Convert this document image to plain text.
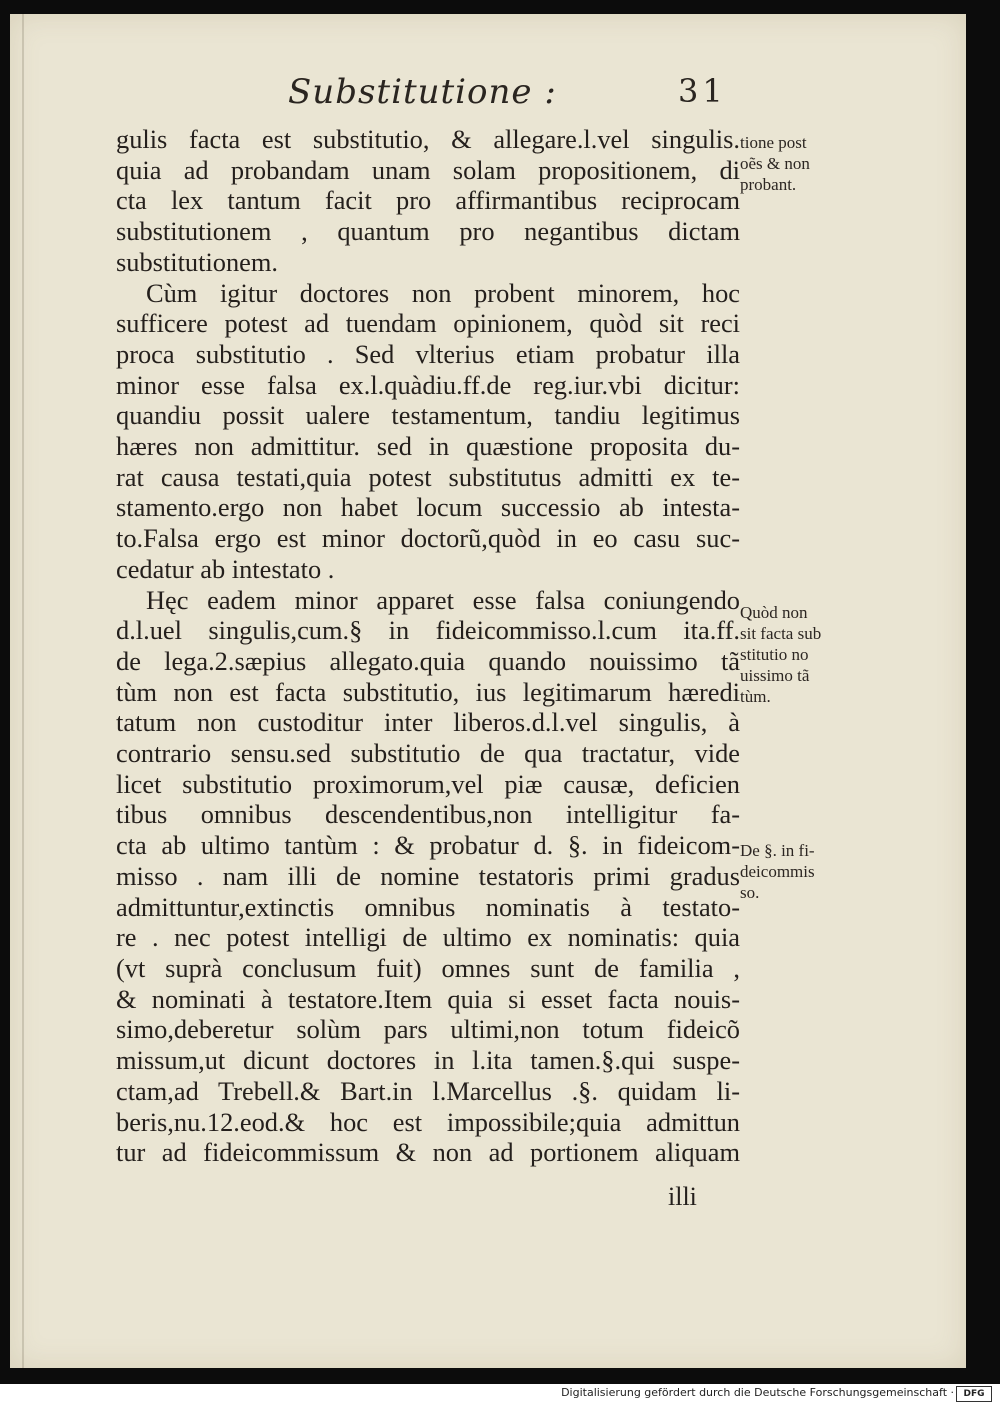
Substitutione :	31
gulis facta est substitutio, & allegare.l.vel singulis.
quia ad probandam unam solam propositionem, di
cta lex tantum facit pro affirmantibus reciprocam
substitutionem , quantum pro negantibus dictam
substitutionem.
Cùm igitur doctores non probent minorem, hoc
sufficere potest ad tuendam opinionem, quòd sit reci
proca substitutio . Sed vlterius etiam probatur illa
minor esse falsa ex.l.quàdiu.ff.de reg.iur.vbi dicitur:
quandiu possit ualere testamentum, tandiu legitimus
hæres non admittitur. sed in quæstione proposita du-
rat causa testati,quia potest substitutus admitti ex te-
stamento.ergo non habet locum successio ab intesta-
to.Falsa ergo est minor doctorũ,quòd in eo casu suc-
cedatur ab intestato .
Hęc eadem minor apparet esse falsa coniungendo
d.l.uel singulis,cum.§ in fideicommisso.l.cum ita.ff.
de lega.2.sæpius allegato.quia quando nouissimo tã
tùm non est facta substitutio, ius legitimarum hæredi
tatum non custoditur inter liberos.d.l.vel singulis, à
contrario sensu.sed substitutio de qua tractatur, vide
licet substitutio proximorum,vel piæ causæ, deficien
tibus omnibus descendentibus,non intelligitur fa-
cta ab ultimo tantùm : & probatur d. §. in fideicom-
misso . nam illi de nomine testatoris primi gradus
admittuntur,extinctis omnibus nominatis à testato-
re . nec potest intelligi de ultimo ex nominatis: quia
(vt suprà conclusum fuit) omnes sunt de familia ,
& nominati à testatore.Item quia si esset facta nouis-
simo,deberetur solùm pars ultimi,non totum fideicõ
missum,ut dicunt doctores in l.ita tamen.§.qui suspe-
ctam,ad Trebell.& Bart.in l.Marcellus .§. quidam li-
beris,nu.12.eod.& hoc est impossibile;quia admittun
tur ad fideicommissum & non ad portionem aliquam
illi
tione post
oẽs & non
probant.
Quòd non
sit facta sub
stitutio no
uissimo tã
tùm.
De §. in fi-
deicommis
so.
Digitalisierung gefördert durch die Deutsche Forschungsgemeinschaft ·	DFG
